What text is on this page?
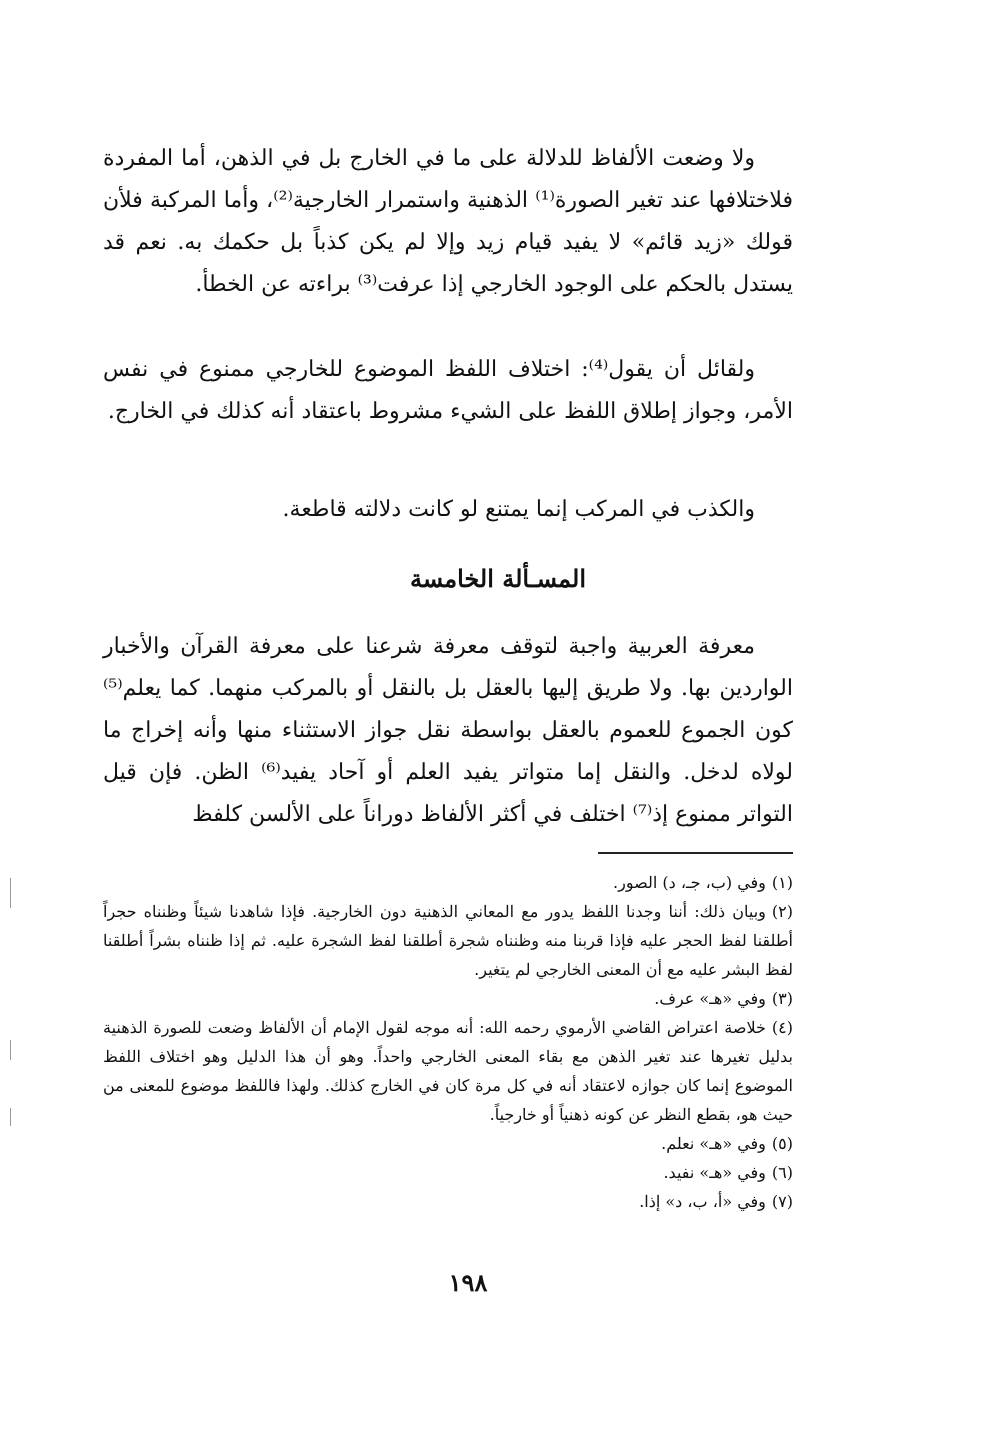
ولا وضعت الألفاظ للدلالة على ما في الخارج بل في الذهن، أما المفردة فلاختلافها عند تغير الصورة⁽¹⁾ الذهنية واستمرار الخارجية⁽²⁾، وأما المركبة فلأن قولك «زيد قائم» لا يفيد قيام زيد وإلا لم يكن كذباً بل حكمك به. نعم قد يستدل بالحكم على الوجود الخارجي إذا عرفت⁽³⁾ براءته عن الخطأ.

ولقائل أن يقول⁽⁴⁾: اختلاف اللفظ الموضوع للخارجي ممنوع في نفس الأمر، وجواز إطلاق اللفظ على الشيء مشروط باعتقاد أنه كذلك في الخارج.

والكذب في المركب إنما يمتنع لو كانت دلالته قاطعة.

المسـألة الخامسة

معرفة العربية واجبة لتوقف معرفة شرعنا على معرفة القرآن والأخبار الواردين بها. ولا طريق إليها بالعقل بل بالنقل أو بالمركب منهما. كما يعلم⁽⁵⁾ كون الجموع للعموم بالعقل بواسطة نقل جواز الاستثناء منها وأنه إخراج ما لولاه لدخل. والنقل إما متواتر يفيد العلم أو آحاد يفيد⁽⁶⁾ الظن. فإن قيل التواتر ممنوع إذ⁽⁷⁾ اختلف في أكثر الألفاظ دوراناً على الألسن كلفظ

(١)وفي (ب، جـ، د) الصور.
(٢)وبيان ذلك: أننا وجدنا اللفظ يدور مع المعاني الذهنية دون الخارجية. فإذا شاهدنا شيئاً وظنناه حجراً أطلقنا لفظ الحجر عليه فإذا قربنا منه وظنناه شجرة أطلقنا لفظ الشجرة عليه. ثم إذا ظنناه بشراً أطلقنا لفظ البشر عليه مع أن المعنى الخارجي لم يتغير.
(٣)وفي «هـ» عرف.
(٤)خلاصة اعتراض القاضي الأرموي رحمه الله: أنه موجه لقول الإمام أن الألفاظ وضعت للصورة الذهنية بدليل تغيرها عند تغير الذهن مع بقاء المعنى الخارجي واحداً. وهو أن هذا الدليل وهو اختلاف اللفظ الموضوع إنما كان جوازه لاعتقاد أنه في كل مرة كان في الخارج كذلك. ولهذا فاللفظ موضوع للمعنى من حيث هو، بقطع النظر عن كونه ذهنياً أو خارجياً.
(٥)وفي «هـ» نعلم.
(٦)وفي «هـ» نفيد.
(٧)وفي «أ، ب، د» إذا.
١٩٨
